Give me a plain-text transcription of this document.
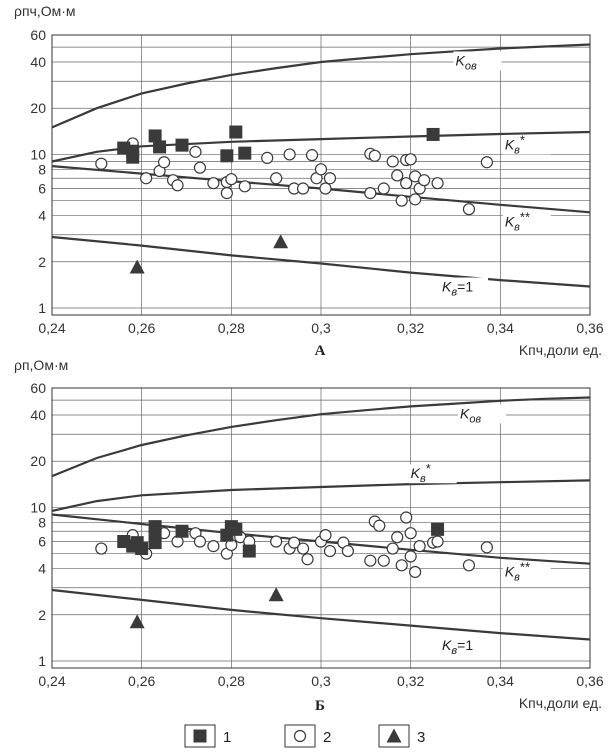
1
2
4
6
8
10
20
40
60
0,24	0,26	0,28	0,3	0,32	0,34	0,36
ρпч,Ом·м
Kпч,доли ед.
А
$K_{ов}$
$K_в*$
$K_в**$
$K_в=1$
1
2
4
6
8
10
20
40
60
0,24	0,26	0,28	0,3	0,32	0,34	0,36
ρп,Ом·м
Kпч,доли ед.
Б
$K_{ов}$
$K_в*$
$K_в**$
$K_в=1$
1	2	3
